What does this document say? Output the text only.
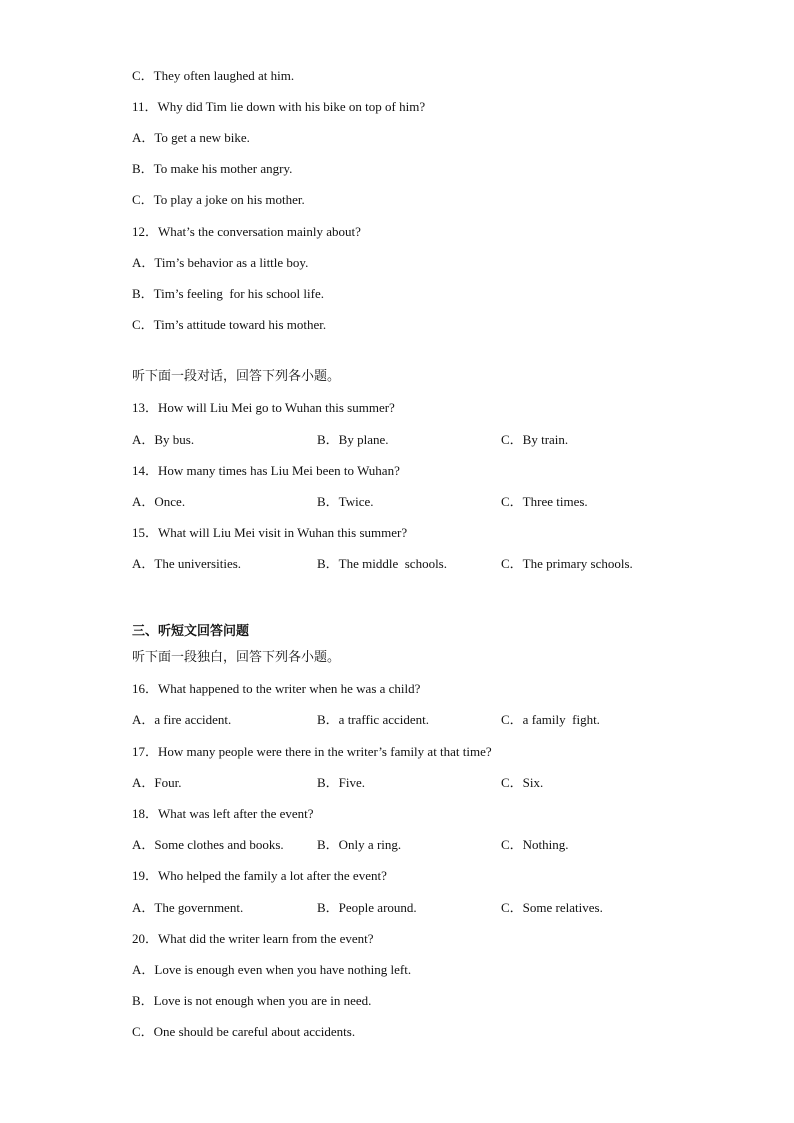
C．They often laughed at him.
11．Why did Tim lie down with his bike on top of him?
A．To get a new bike.
B．To make his mother angry.
C．To play a joke on his mother.
12．What’s the conversation mainly about?
A．Tim’s behavior as a little boy.
B．Tim’s feeling  for his school life.
C．Tim’s attitude toward his mother.
听下面一段对话，回答下列各小题。
13．How will Liu Mei go to Wuhan this summer?
A．By bus.	B．By plane.	C．By train.
14．How many times has Liu Mei been to Wuhan?
A．Once.	B．Twice.	C．Three times.
15．What will Liu Mei visit in Wuhan this summer?
A．The universities.	B．The middle  schools.	C．The primary schools.
三、听短文回答问题
听下面一段独白，回答下列各小题。
16．What happened to the writer when he was a child?
A．a fire accident.	B．a traffic accident.	C．a family  fight.
17．How many people were there in the writer’s family at that time?
A．Four.	B．Five.	C．Six.
18．What was left after the event?
A．Some clothes and books.	B．Only a ring.	C．Nothing.
19．Who helped the family a lot after the event?
A．The government.	B．People around.	C．Some relatives.
20．What did the writer learn from the event?
A．Love is enough even when you have nothing left.
B．Love is not enough when you are in need.
C．One should be careful about accidents.
